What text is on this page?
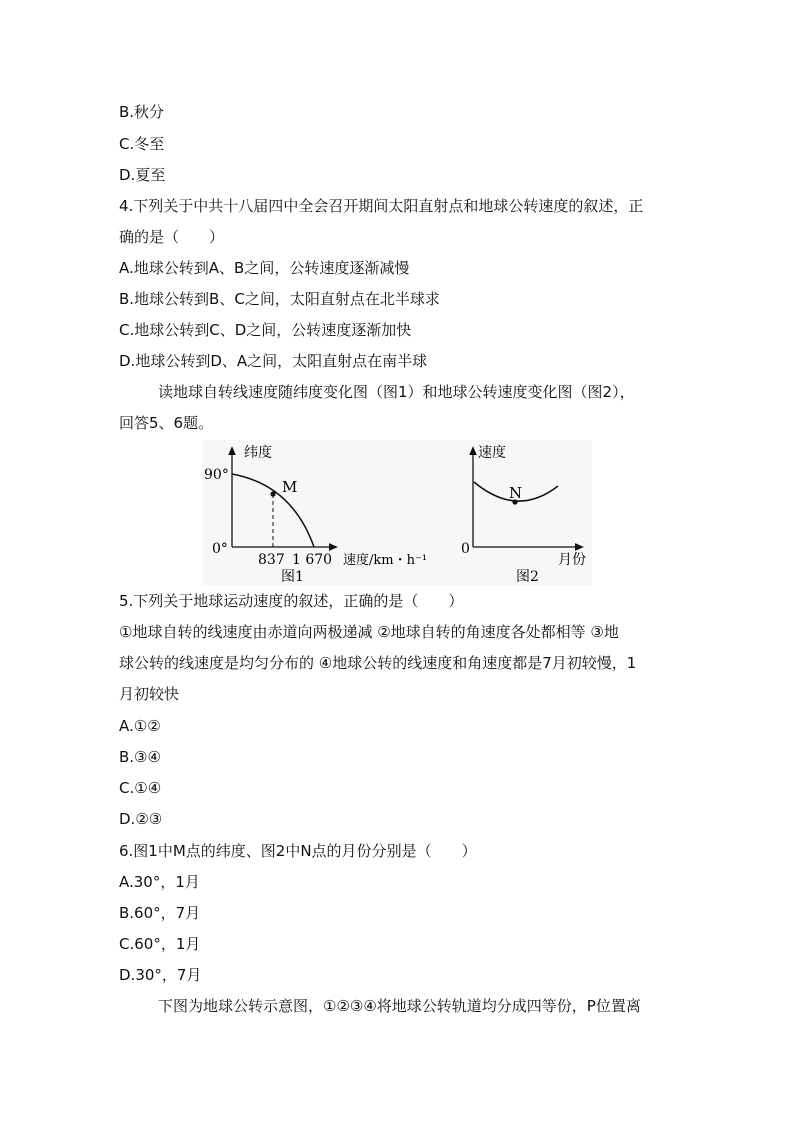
B.秋分
C.冬至
D.夏至
4.下列关于中共十八届四中全会召开期间太阳直射点和地球公转速度的叙述，正
确的是（　　）
A.地球公转到A、B之间，公转速度逐渐减慢
B.地球公转到B、C之间，太阳直射点在北半球求
C.地球公转到C、D之间，公转速度逐渐加快
D.地球公转到D、A之间，太阳直射点在南半球
读地球自转线速度随纬度变化图（图1）和地球公转速度变化图（图2），
回答5、6题。
纬度
90°
0°
M
837 1 670 速度/km・h⁻¹
图1
速度
0
N
月份
图2
5.下列关于地球运动速度的叙述，正确的是（　　）
①地球自转的线速度由赤道向两极递减 ②地球自转的角速度各处都相等 ③地
球公转的线速度是均匀分布的 ④地球公转的线速度和角速度都是7月初较慢，1
月初较快
A.①②
B.③④
C.①④
D.②③
6.图1中M点的纬度、图2中N点的月份分别是（　　）
A.30°，1月
B.60°，7月
C.60°，1月
D.30°，7月
下图为地球公转示意图，①②③④将地球公转轨道均分成四等份，P位置离
